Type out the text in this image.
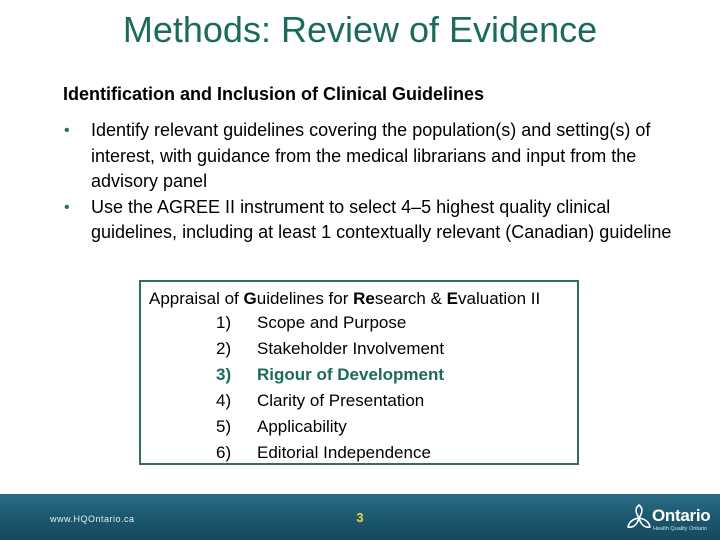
Methods: Review of Evidence
Identification and Inclusion of Clinical Guidelines
• Identify relevant guidelines covering the population(s) and setting(s) of interest, with guidance from the medical librarians and input from the advisory panel
• Use the AGREE II instrument to select 4–5 highest quality clinical guidelines, including at least 1 contextually relevant (Canadian) guideline
Appraisal of Guidelines for Research & Evaluation II
1) Scope and Purpose
2) Stakeholder Involvement
3) Rigour of Development
4) Clarity of Presentation
5) Applicability
6) Editorial Independence
www.HQOntario.ca	3	Ontario
Health Quality Ontario
